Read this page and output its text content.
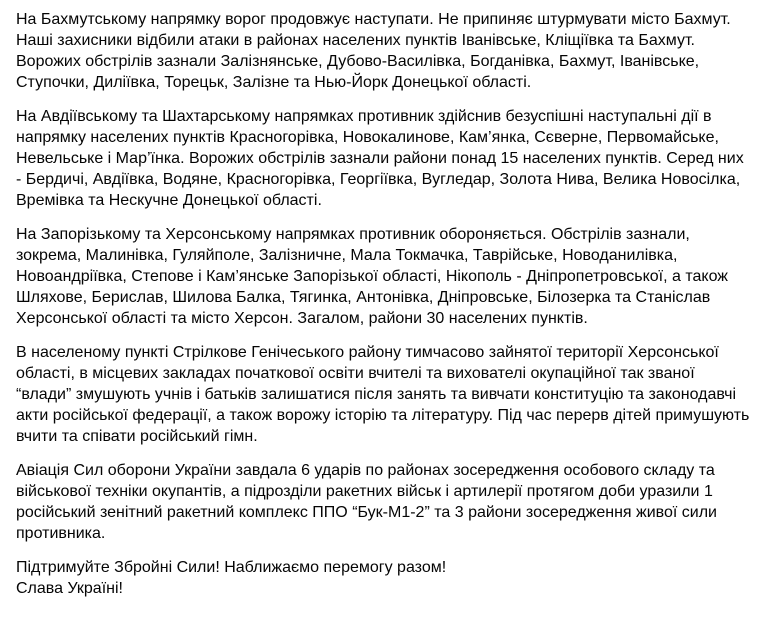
На Бахмутському напрямку ворог продовжує наступати. Не припиняє штурмувати місто Бахмут. Наші захисники відбили атаки в районах населених пунктів Іванівське, Кліщіївка та Бахмут. Ворожих обстрілів зазнали Залізнянське, Дубово-Василівка, Богданівка, Бахмут, Іванівське, Ступочки, Диліївка, Торецьк, Залізне та Нью-Йорк Донецької області.

На Авдіївському та Шахтарському напрямках противник здійснив безуспішні наступальні дії в напрямку населених пунктів Красногорівка, Новокалинове, Кам’янка, Сєверне, Первомайське, Невельське і Мар’їнка. Ворожих обстрілів зазнали райони понад 15 населених пунктів. Серед них - Бердичі, Авдіївка, Водяне, Красногорівка, Георгіївка, Вугледар, Золота Нива, Велика Новосілка, Времівка та Нескучне Донецької області.

На Запорізькому та Херсонському напрямках противник обороняється. Обстрілів зазнали, зокрема, Малинівка, Гуляйполе, Залізничне, Мала Токмачка, Таврійське, Новоданилівка, Новоандріївка, Степове і Кам’янське Запорізької області, Нікополь - Дніпропетровської, а також Шляхове, Берислав, Шилова Балка, Тягинка, Антонівка, Дніпровське, Білозерка та Станіслав Херсонської області та місто Херсон. Загалом, райони 30 населених пунктів.

В населеному пункті Стрілкове Генічеського району тимчасово зайнятої території Херсонської області, в місцевих закладах початкової освіти вчителі та вихователі окупаційної так званої “влади” змушують учнів і батьків залишатися після занять та вивчати конституцію та законодавчі акти російської федерації, а також ворожу історію та літературу. Під час перерв дітей примушують вчити та співати російський гімн.

Авіація Сил оборони України завдала 6 ударів по районах зосередження особового складу та військової техніки окупантів, а підрозділи ракетних військ і артилерії протягом доби уразили 1 російський зенітний ракетний комплекс ППО “Бук-М1-2” та 3 райони зосередження живої сили противника.

Підтримуйте Збройні Сили! Наближаємо перемогу разом!
Слава Україні!
